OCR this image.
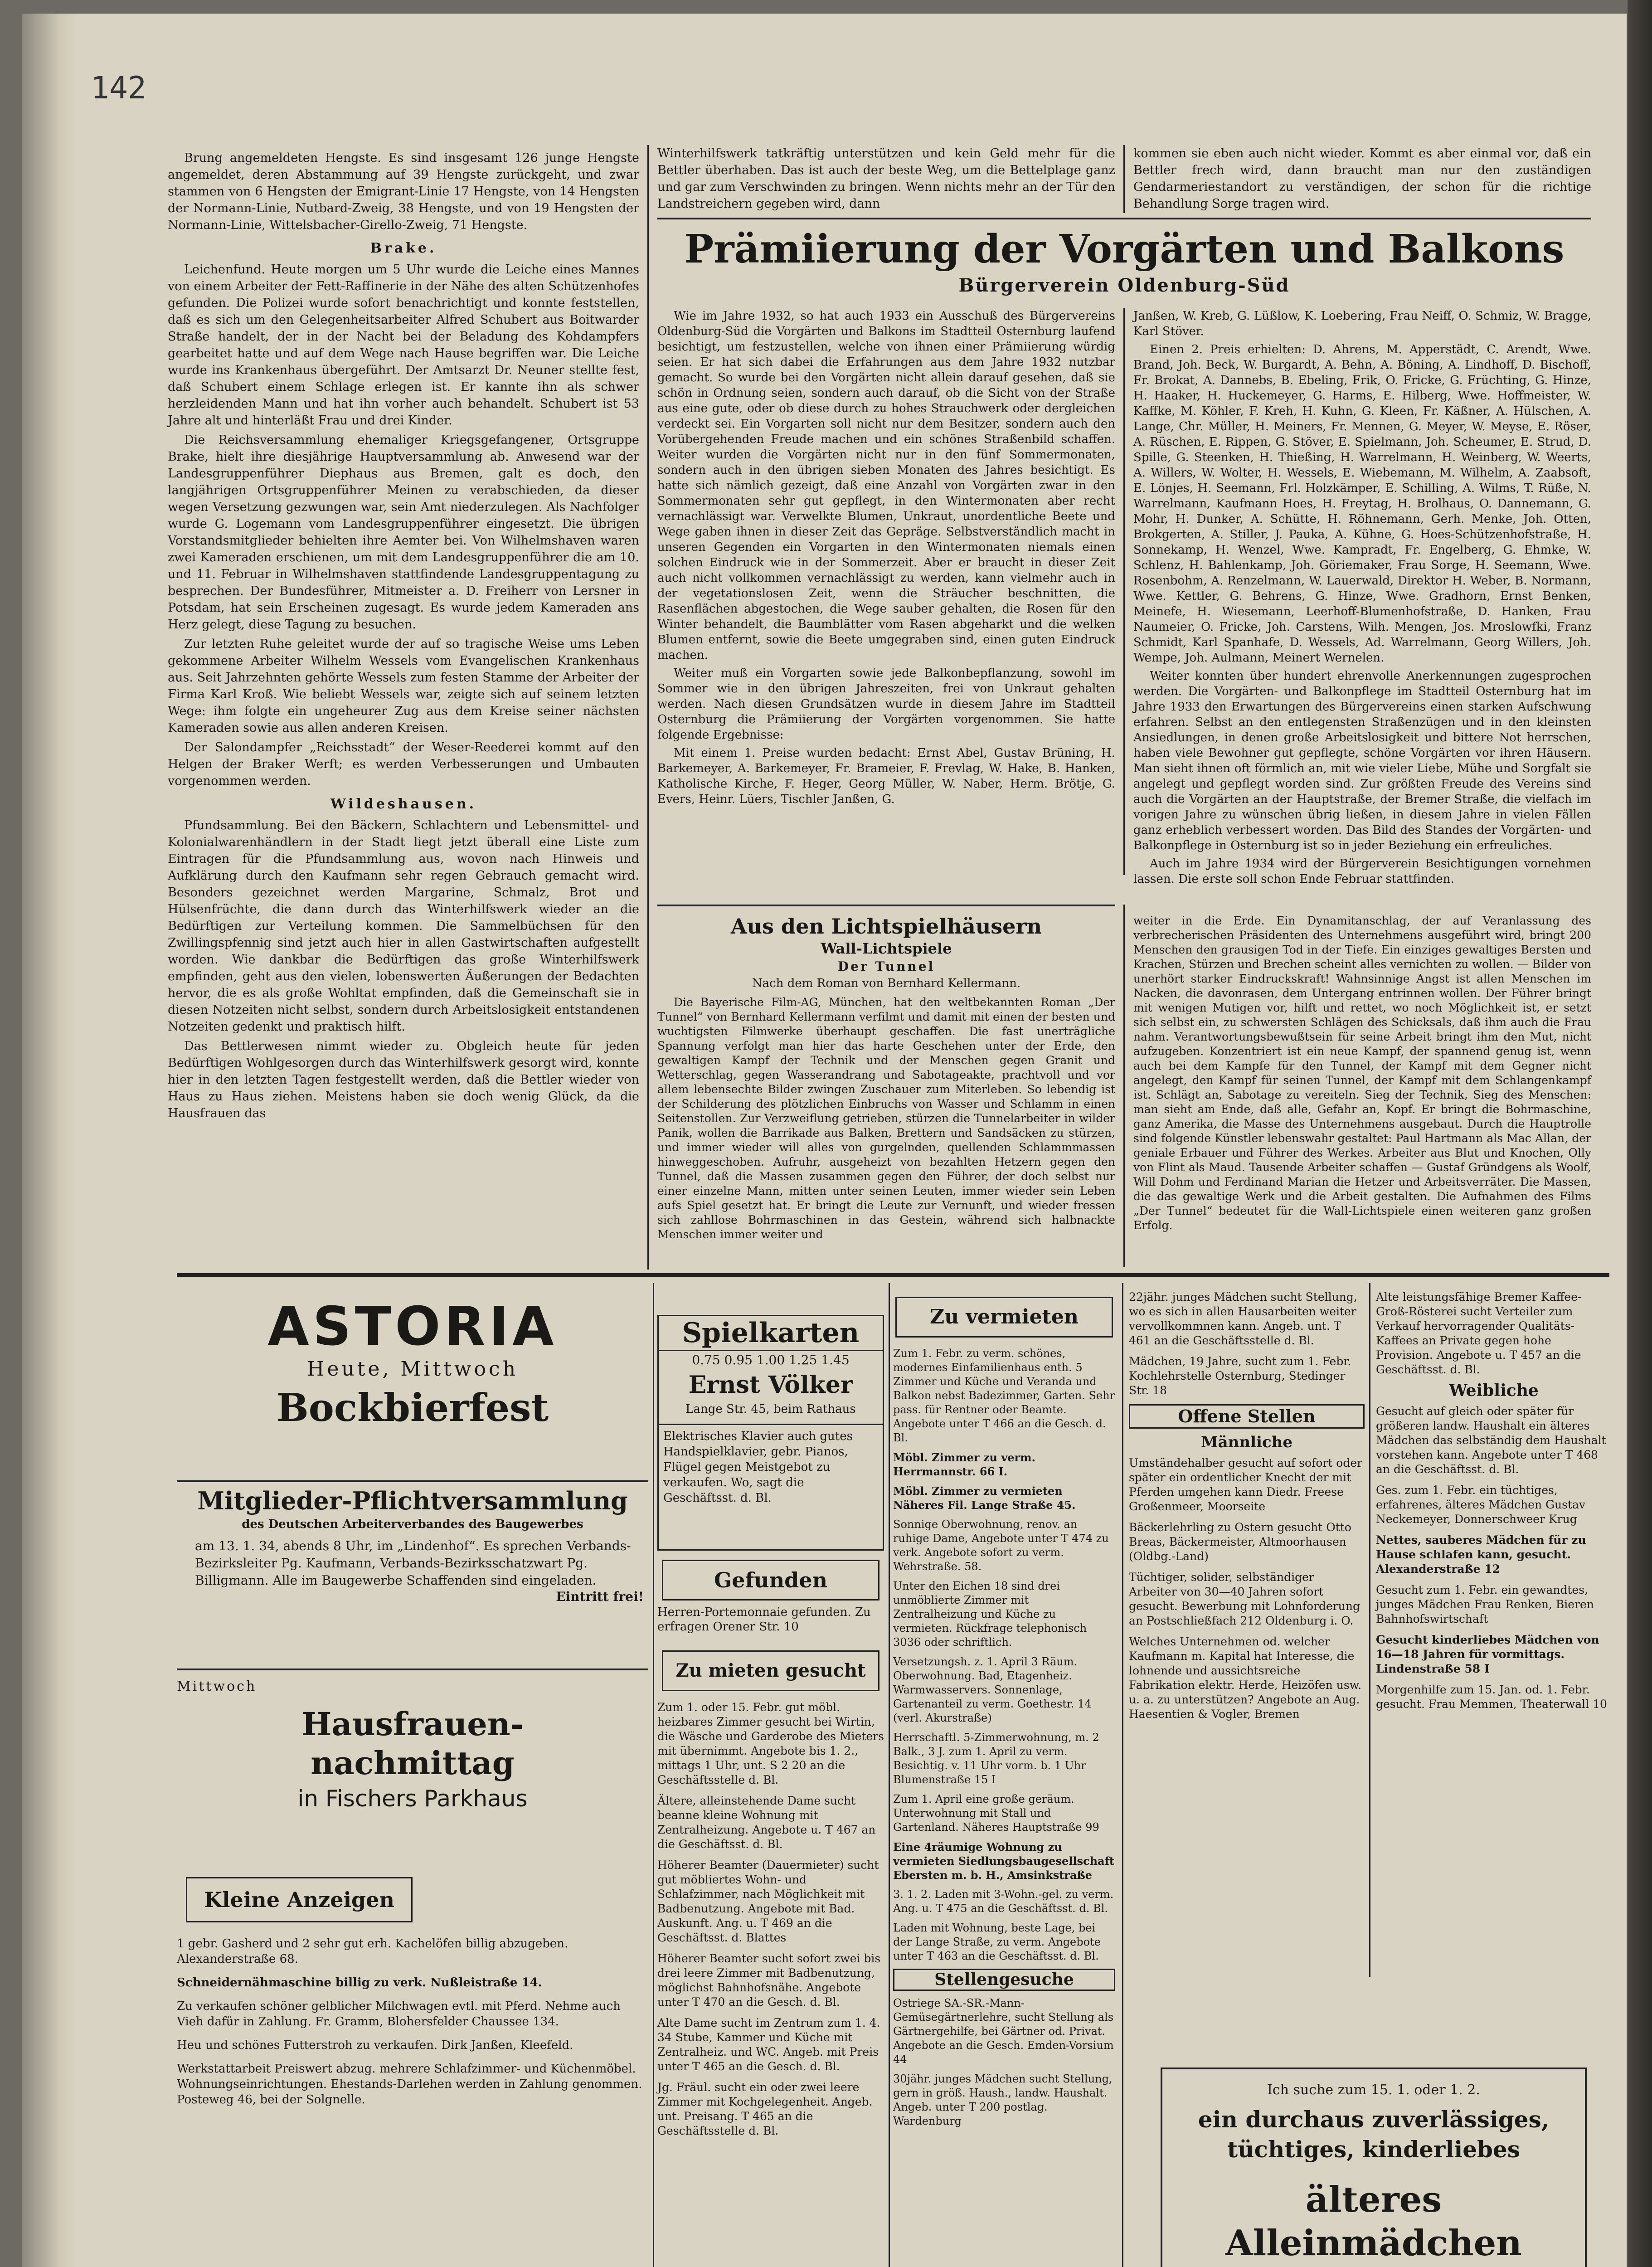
142

Brung angemeldeten Hengste. Es sind insgesamt 126 junge Hengste angemeldet, deren Abstammung auf 39 Hengste zurückgeht, und zwar stammen von 6 Hengsten der Emigrant-Linie 17 Hengste, von 14 Hengsten der Normann-Linie, Nutbard-Zweig, 38 Hengste, und von 19 Hengsten der Normann-Linie, Wittelsbacher-Girello-Zweig, 71 Hengste.

Brake.

Leichenfund. Heute morgen um 5 Uhr wurde die Leiche eines Mannes von einem Arbeiter der Fett-Raffinerie in der Nähe des alten Schützenhofes gefunden. Die Polizei wurde sofort benachrichtigt und konnte feststellen, daß es sich um den Gelegenheitsarbeiter Alfred Schubert aus Boitwarder Straße handelt, der in der Nacht bei der Beladung des Kohdampfers gearbeitet hatte und auf dem Wege nach Hause begriffen war. Die Leiche wurde ins Krankenhaus übergeführt. Der Amtsarzt Dr. Neuner stellte fest, daß Schubert einem Schlage erlegen ist. Er kannte ihn als schwer herzleidenden Mann und hat ihn vorher auch behandelt. Schubert ist 53 Jahre alt und hinterläßt Frau und drei Kinder.

Die Reichsversammlung ehemaliger Kriegsgefangener, Ortsgruppe Brake, hielt ihre diesjährige Hauptversammlung ab. Anwesend war der Landesgruppenführer Diephaus aus Bremen, galt es doch, den langjährigen Ortsgruppenführer Meinen zu verabschieden, da dieser wegen Versetzung gezwungen war, sein Amt niederzulegen. Als Nachfolger wurde G. Logemann vom Landesgruppenführer eingesetzt. Die übrigen Vorstandsmitglieder behielten ihre Aemter bei. Von Wilhelmshaven waren zwei Kameraden erschienen, um mit dem Landesgruppenführer die am 10. und 11. Februar in Wilhelmshaven stattfindende Landesgruppentagung zu besprechen. Der Bundesführer, Mitmeister a. D. Freiherr von Lersner in Potsdam, hat sein Erscheinen zugesagt. Es wurde jedem Kameraden ans Herz gelegt, diese Tagung zu besuchen.

Zur letzten Ruhe geleitet wurde der auf so tragische Weise ums Leben gekommene Arbeiter Wilhelm Wessels vom Evangelischen Krankenhaus aus. Seit Jahrzehnten gehörte Wessels zum festen Stamme der Arbeiter der Firma Karl Kroß. Wie beliebt Wessels war, zeigte sich auf seinem letzten Wege: ihm folgte ein ungeheurer Zug aus dem Kreise seiner nächsten Kameraden sowie aus allen anderen Kreisen.

Der Salondampfer „Reichsstadt“ der Weser-Reederei kommt auf den Helgen der Braker Werft; es werden Verbesserungen und Umbauten vorgenommen werden.

Wildeshausen.

Pfundsammlung. Bei den Bäckern, Schlachtern und Lebensmittel- und Kolonialwarenhändlern in der Stadt liegt jetzt überall eine Liste zum Eintragen für die Pfundsammlung aus, wovon nach Hinweis und Aufklärung durch den Kaufmann sehr regen Gebrauch gemacht wird. Besonders gezeichnet werden Margarine, Schmalz, Brot und Hülsenfrüchte, die dann durch das Winterhilfswerk wieder an die Bedürftigen zur Verteilung kommen. Die Sammelbüchsen für den Zwillingspfennig sind jetzt auch hier in allen Gastwirtschaften aufgestellt worden. Wie dankbar die Bedürftigen das große Winterhilfswerk empfinden, geht aus den vielen, lobenswerten Äußerungen der Bedachten hervor, die es als große Wohltat empfinden, daß die Gemeinschaft sie in diesen Notzeiten nicht selbst, sondern durch Arbeitslosigkeit entstandenen Notzeiten gedenkt und praktisch hilft.

Das Bettlerwesen nimmt wieder zu. Obgleich heute für jeden Bedürftigen Wohlgesorgen durch das Winterhilfswerk gesorgt wird, konnte hier in den letzten Tagen festgestellt werden, daß die Bettler wieder von Haus zu Haus ziehen. Meistens haben sie doch wenig Glück, da die Hausfrauen das

Winterhilfswerk tatkräftig unterstützen und kein Geld mehr für die Bettler überhaben. Das ist auch der beste Weg, um die Bettelplage ganz und gar zum Verschwinden zu bringen. Wenn nichts mehr an der Tür den Landstreichern gegeben wird, dann
kommen sie eben auch nicht wieder. Kommt es aber einmal vor, daß ein Bettler frech wird, dann braucht man nur den zuständigen Gendarmeriestandort zu verständigen, der schon für die richtige Behandlung Sorge tragen wird.
Prämiierung der Vorgärten und Balkons
Bürgerverein Oldenburg-Süd

Wie im Jahre 1932, so hat auch 1933 ein Ausschuß des Bürgervereins Oldenburg-Süd die Vorgärten und Balkons im Stadtteil Osternburg laufend besichtigt, um festzustellen, welche von ihnen einer Prämiierung würdig seien. Er hat sich dabei die Erfahrungen aus dem Jahre 1932 nutzbar gemacht. So wurde bei den Vorgärten nicht allein darauf gesehen, daß sie schön in Ordnung seien, sondern auch darauf, ob die Sicht von der Straße aus eine gute, oder ob diese durch zu hohes Strauchwerk oder dergleichen verdeckt sei. Ein Vorgarten soll nicht nur dem Besitzer, sondern auch den Vorübergehenden Freude machen und ein schönes Straßenbild schaffen. Weiter wurden die Vorgärten nicht nur in den fünf Sommermonaten, sondern auch in den übrigen sieben Monaten des Jahres besichtigt. Es hatte sich nämlich gezeigt, daß eine Anzahl von Vorgärten zwar in den Sommermonaten sehr gut gepflegt, in den Wintermonaten aber recht vernachlässigt war. Verwelkte Blumen, Unkraut, unordentliche Beete und Wege gaben ihnen in dieser Zeit das Gepräge. Selbstverständlich macht in unseren Gegenden ein Vorgarten in den Wintermonaten niemals einen solchen Eindruck wie in der Sommerzeit. Aber er braucht in dieser Zeit auch nicht vollkommen vernachlässigt zu werden, kann vielmehr auch in der vegetationslosen Zeit, wenn die Sträucher beschnitten, die Rasenflächen abgestochen, die Wege sauber gehalten, die Rosen für den Winter behandelt, die Baumblätter vom Rasen abgeharkt und die welken Blumen entfernt, sowie die Beete umgegraben sind, einen guten Eindruck machen.

Weiter muß ein Vorgarten sowie jede Balkonbepflanzung, sowohl im Sommer wie in den übrigen Jahreszeiten, frei von Unkraut gehalten werden. Nach diesen Grundsätzen wurde in diesem Jahre im Stadtteil Osternburg die Prämiierung der Vorgärten vorgenommen. Sie hatte folgende Ergebnisse:

Mit einem 1. Preise wurden bedacht: Ernst Abel, Gustav Brüning, H. Barkemeyer, A. Barkemeyer, Fr. Brameier, F. Frevlag, W. Hake, B. Hanken, Katholische Kirche, F. Heger, Georg Müller, W. Naber, Herm. Brötje, G. Evers, Heinr. Lüers, Tischler Janßen, G.

Janßen, W. Kreb, G. Lüßlow, K. Loebering, Frau Neiff, O. Schmiz, W. Bragge, Karl Stöver.

Einen 2. Preis erhielten: D. Ahrens, M. Apperstädt, C. Arendt, Wwe. Brand, Joh. Beck, W. Burgardt, A. Behn, A. Böning, A. Lindhoff, D. Bischoff, Fr. Brokat, A. Dannebs, B. Ebeling, Frik, O. Fricke, G. Früchting, G. Hinze, H. Haaker, H. Huckemeyer, G. Harms, E. Hilberg, Wwe. Hoffmeister, W. Kaffke, M. Köhler, F. Kreh, H. Kuhn, G. Kleen, Fr. Käßner, A. Hülschen, A. Lange, Chr. Müller, H. Meiners, Fr. Mennen, G. Meyer, W. Meyse, E. Röser, A. Rüschen, E. Rippen, G. Stöver, E. Spielmann, Joh. Scheumer, E. Strud, D. Spille, G. Steenken, H. Thießing, H. Warrelmann, H. Weinberg, W. Weerts, A. Willers, W. Wolter, H. Wessels, E. Wiebemann, M. Wilhelm, A. Zaabsoft, E. Lönjes, H. Seemann, Frl. Holzkämper, E. Schilling, A. Wilms, T. Rüße, N. Warrelmann, Kaufmann Hoes, H. Freytag, H. Brolhaus, O. Dannemann, G. Mohr, H. Dunker, A. Schütte, H. Röhnemann, Gerh. Menke, Joh. Otten, Brokgerten, A. Stiller, J. Pauka, A. Kühne, G. Hoes-Schützenhofstraße, H. Sonnekamp, H. Wenzel, Wwe. Kampradt, Fr. Engelberg, G. Ehmke, W. Schlenz, H. Bahlenkamp, Joh. Göriemaker, Frau Sorge, H. Seemann, Wwe. Rosenbohm, A. Renzelmann, W. Lauerwald, Direktor H. Weber, B. Normann, Wwe. Kettler, G. Behrens, G. Hinze, Wwe. Gradhorn, Ernst Benken, Meinefe, H. Wiesemann, Leerhoff-Blumenhofstraße, D. Hanken, Frau Naumeier, O. Fricke, Joh. Carstens, Wilh. Mengen, Jos. Mroslowfki, Franz Schmidt, Karl Spanhafe, D. Wessels, Ad. Warrelmann, Georg Willers, Joh. Wempe, Joh. Aulmann, Meinert Wernelen.

Weiter konnten über hundert ehrenvolle Anerkennungen zugesprochen werden. Die Vorgärten- und Balkonpflege im Stadtteil Osternburg hat im Jahre 1933 den Erwartungen des Bürgervereins einen starken Aufschwung erfahren. Selbst an den entlegensten Straßenzügen und in den kleinsten Ansiedlungen, in denen große Arbeitslosigkeit und bittere Not herrschen, haben viele Bewohner gut gepflegte, schöne Vorgärten vor ihren Häusern. Man sieht ihnen oft förmlich an, mit wie vieler Liebe, Mühe und Sorgfalt sie angelegt und gepflegt worden sind. Zur größten Freude des Vereins sind auch die Vorgärten an der Hauptstraße, der Bremer Straße, die vielfach im vorigen Jahre zu wünschen übrig ließen, in diesem Jahre in vielen Fällen ganz erheblich verbessert worden. Das Bild des Standes der Vorgärten- und Balkonpflege in Osternburg ist so in jeder Beziehung ein erfreuliches.

Auch im Jahre 1934 wird der Bürgerverein Besichtigungen vornehmen lassen. Die erste soll schon Ende Februar stattfinden.

Aus den Lichtspielhäusern
Wall-Lichtspiele
Der Tunnel
Nach dem Roman von Bernhard Kellermann.

Die Bayerische Film-AG, München, hat den weltbekannten Roman „Der Tunnel“ von Bernhard Kellermann verfilmt und damit mit einen der besten und wuchtigsten Filmwerke überhaupt geschaffen. Die fast unerträgliche Spannung verfolgt man hier das harte Geschehen unter der Erde, den gewaltigen Kampf der Technik und der Menschen gegen Granit und Wetterschlag, gegen Wasserandrang und Sabotageakte, prachtvoll und vor allem lebensechte Bilder zwingen Zuschauer zum Miterleben. So lebendig ist der Schilderung des plötzlichen Einbruchs von Wasser und Schlamm in einen Seitenstollen. Zur Verzweiflung getrieben, stürzen die Tunnelarbeiter in wilder Panik, wollen die Barrikade aus Balken, Brettern und Sandsäcken zu stürzen, und immer wieder will alles von gurgelnden, quellenden Schlammmassen hinweggeschoben. Aufruhr, ausgeheizt von bezahlten Hetzern gegen den Tunnel, daß die Massen zusammen gegen den Führer, der doch selbst nur einer einzelne Mann, mitten unter seinen Leuten, immer wieder sein Leben aufs Spiel gesetzt hat. Er bringt die Leute zur Vernunft, und wieder fressen sich zahllose Bohrmaschinen in das Gestein, während sich halbnackte Menschen immer weiter und

weiter in die Erde. Ein Dynamitanschlag, der auf Veranlassung des verbrecherischen Präsidenten des Unternehmens ausgeführt wird, bringt 200 Menschen den grausigen Tod in der Tiefe. Ein einziges gewaltiges Bersten und Krachen, Stürzen und Brechen scheint alles vernichten zu wollen. — Bilder von unerhört starker Eindruckskraft! Wahnsinnige Angst ist allen Menschen im Nacken, die davonrasen, dem Untergang entrinnen wollen. Der Führer bringt mit wenigen Mutigen vor, hilft und rettet, wo noch Möglichkeit ist, er setzt sich selbst ein, zu schwersten Schlägen des Schicksals, daß ihm auch die Frau nahm. Verantwortungsbewußtsein für seine Arbeit bringt ihm den Mut, nicht aufzugeben. Konzentriert ist ein neue Kampf, der spannend genug ist, wenn auch bei dem Kampfe für den Tunnel, der Kampf mit dem Gegner nicht angelegt, den Kampf für seinen Tunnel, der Kampf mit dem Schlangenkampf ist. Schlägt an, Sabotage zu vereiteln. Sieg der Technik, Sieg des Menschen: man sieht am Ende, daß alle, Gefahr an, Kopf. Er bringt die Bohrmaschine, ganz Amerika, die Masse des Unternehmens ausgebaut. Durch die Hauptrolle sind folgende Künstler lebenswahr gestaltet: Paul Hartmann als Mac Allan, der geniale Erbauer und Führer des Werkes. Arbeiter aus Blut und Knochen, Olly von Flint als Maud. Tausende Arbeiter schaffen — Gustaf Gründgens als Woolf, Will Dohm und Ferdinand Marian die Hetzer und Arbeitsverräter. Die Massen, die das gewaltige Werk und die Arbeit gestalten. Die Aufnahmen des Films „Der Tunnel“ bedeutet für die Wall-Lichtspiele einen weiteren ganz großen Erfolg.

ASTORIA
Heute, Mittwoch
Bockbierfest
Mitglieder-Pflichtversammlung
des Deutschen Arbeiterverbandes des Baugewerbes
am 13. 1. 34, abends 8 Uhr, im „Lindenhof“. Es sprechen Verbands-Bezirksleiter Pg. Kaufmann, Verbands-Bezirksschatzwart Pg. Billigmann. Alle im Baugewerbe Schaffenden sind eingeladen.
Eintritt frei!
Mittwoch
Hausfrauen-nachmittag
in Fischers Parkhaus
Kleine Anzeigen

1 gebr. Gasherd und 2 sehr gut erh. Kachelöfen billig abzugeben. Alexanderstraße 68.

Schneidernähmaschine billig zu verk. Nußleistraße 14.

Zu verkaufen schöner gelblicher Milchwagen evtl. mit Pferd. Nehme auch Vieh dafür in Zahlung. Fr. Gramm, Blohersfelder Chaussee 134.

Heu und schönes Futterstroh zu verkaufen. Dirk Janßen, Kleefeld.

Werkstattarbeit Preiswert abzug. mehrere Schlafzimmer- und Küchenmöbel. Wohnungseinrichtungen. Ehestands-Darlehen werden in Zahlung genommen. Posteweg 46, bei der Solgnelle.

Spielkarten
0.75 0.95 1.00 1.25 1.45
Ernst Völker
Lange Str. 45, beim Rathaus
Elektrisches Klavier auch gutes Handspielklavier, gebr. Pianos, Flügel gegen Meistgebot zu verkaufen. Wo, sagt die Geschäftsst. d. Bl.
Gefunden
Herren-Portemonnaie gefunden. Zu erfragen Orener Str. 10
Zu mieten gesucht

Zum 1. oder 15. Febr. gut möbl. heizbares Zimmer gesucht bei Wirtin, die Wäsche und Garderobe des Mieters mit übernimmt. Angebote bis 1. 2., mittags 1 Uhr, unt. S 2 20 an die Geschäftsstelle d. Bl.

Ältere, alleinstehende Dame sucht beanne kleine Wohnung mit Zentralheizung. Angebote u. T 467 an die Geschäftsst. d. Bl.

Höherer Beamter (Dauermieter) sucht gut möbliertes Wohn- und Schlafzimmer, nach Möglichkeit mit Badbenutzung. Angebote mit Bad. Auskunft. Ang. u. T 469 an die Geschäftsst. d. Blattes

Höherer Beamter sucht sofort zwei bis drei leere Zimmer mit Badbenutzung, möglichst Bahnhofsnähe. Angebote unter T 470 an die Gesch. d. Bl.

Alte Dame sucht im Zentrum zum 1. 4. 34 Stube, Kammer und Küche mit Zentralheiz. und WC. Angeb. mit Preis unter T 465 an die Gesch. d. Bl.

Jg. Fräul. sucht ein oder zwei leere Zimmer mit Kochgelegenheit. Angeb. unt. Preisang. T 465 an die Geschäftsstelle d. Bl.

Zu vermieten

Zum 1. Febr. zu verm. schönes, modernes Einfamilienhaus enth. 5 Zimmer und Küche und Veranda und Balkon nebst Badezimmer, Garten. Sehr pass. für Rentner oder Beamte. Angebote unter T 466 an die Gesch. d. Bl.

Möbl. Zimmer zu verm. Herrmannstr. 66 I.

Möbl. Zimmer zu vermieten Näheres Fil. Lange Straße 45.

Sonnige Oberwohnung, renov. an ruhige Dame, Angebote unter T 474 zu verk. Angebote sofort zu verm. Wehrstraße. 58.

Unter den Eichen 18 sind drei unmöblierte Zimmer mit Zentralheizung und Küche zu vermieten. Rückfrage telephonisch 3036 oder schriftlich.

Versetzungsh. z. 1. April 3 Räum. Oberwohnung. Bad, Etagenheiz. Warmwasservers. Sonnenlage, Gartenanteil zu verm. Goethestr. 14 (verl. Akurstraße)

Herrschaftl. 5-Zimmerwohnung, m. 2 Balk., 3 J. zum 1. April zu verm. Besichtig. v. 11 Uhr vorm. b. 1 Uhr Blumenstraße 15 I

Zum 1. April eine große geräum. Unterwohnung mit Stall und Gartenland. Näheres Hauptstraße 99

Eine 4räumige Wohnung zu vermieten Siedlungsbaugesellschaft Ebersten m. b. H., Amsinkstraße

3. 1. 2. Laden mit 3-Wohn.-gel. zu verm. Ang. u. T 475 an die Geschäftsst. d. Bl.

Laden mit Wohnung, beste Lage, bei der Lange Straße, zu verm. Angebote unter T 463 an die Geschäftsst. d. Bl.

Stellengesuche

Ostriege SA.-SR.-Mann-Gemüsegärtnerlehre, sucht Stellung als Gärtnergehilfe, bei Gärtner od. Privat. Angebote an die Gesch. Emden-Vorsium 44

30jähr. junges Mädchen sucht Stellung, gern in größ. Haush., landw. Haushalt. Angeb. unter T 200 postlag. Wardenburg

22jähr. junges Mädchen sucht Stellung, wo es sich in allen Hausarbeiten weiter vervollkommnen kann. Angeb. unt. T 461 an die Geschäftsstelle d. Bl.

Mädchen, 19 Jahre, sucht zum 1. Febr. Kochlehrstelle Osternburg, Stedinger Str. 18

Offene Stellen

Männliche

Umständehalber gesucht auf sofort oder später ein ordentlicher Knecht der mit Pferden umgehen kann Diedr. Freese Großenmeer, Moorseite

Bäckerlehrling zu Ostern gesucht Otto Breas, Bäckermeister, Altmoorhausen (Oldbg.-Land)

Tüchtiger, solider, selbständiger Arbeiter von 30—40 Jahren sofort gesucht. Bewerbung mit Lohnforderung an Postschließfach 212 Oldenburg i. O.

Welches Unternehmen od. welcher Kaufmann m. Kapital hat Interesse, die lohnende und aussichtsreiche Fabrikation elektr. Herde, Heizöfen usw. u. a. zu unterstützen? Angebote an Aug. Haesentien & Vogler, Bremen

Alte leistungsfähige Bremer Kaffee-Groß-Rösterei sucht Verteiler zum Verkauf hervorragender Qualitäts-Kaffees an Private gegen hohe Provision. Angebote u. T 457 an die Geschäftsst. d. Bl.

Weibliche

Gesucht auf gleich oder später für größeren landw. Haushalt ein älteres Mädchen das selbständig dem Haushalt vorstehen kann. Angebote unter T 468 an die Geschäftsst. d. Bl.

Ges. zum 1. Febr. ein tüchtiges, erfahrenes, älteres Mädchen Gustav Neckemeyer, Donnerschweer Krug

Nettes, sauberes Mädchen für zu Hause schlafen kann, gesucht. Alexanderstraße 12

Gesucht zum 1. Febr. ein gewandtes, junges Mädchen Frau Renken, Bieren Bahnhofswirtschaft

Gesucht kinderliebes Mädchen von 16—18 Jahren für vormittags. Lindenstraße 58 I

Morgenhilfe zum 15. Jan. od. 1. Febr. gesucht. Frau Memmen, Theaterwall 10

Ich suche zum 15. 1. oder 1. 2.
ein durchaus zuverlässiges, tüchtiges, kinderliebes
älteres Alleinmädchen
